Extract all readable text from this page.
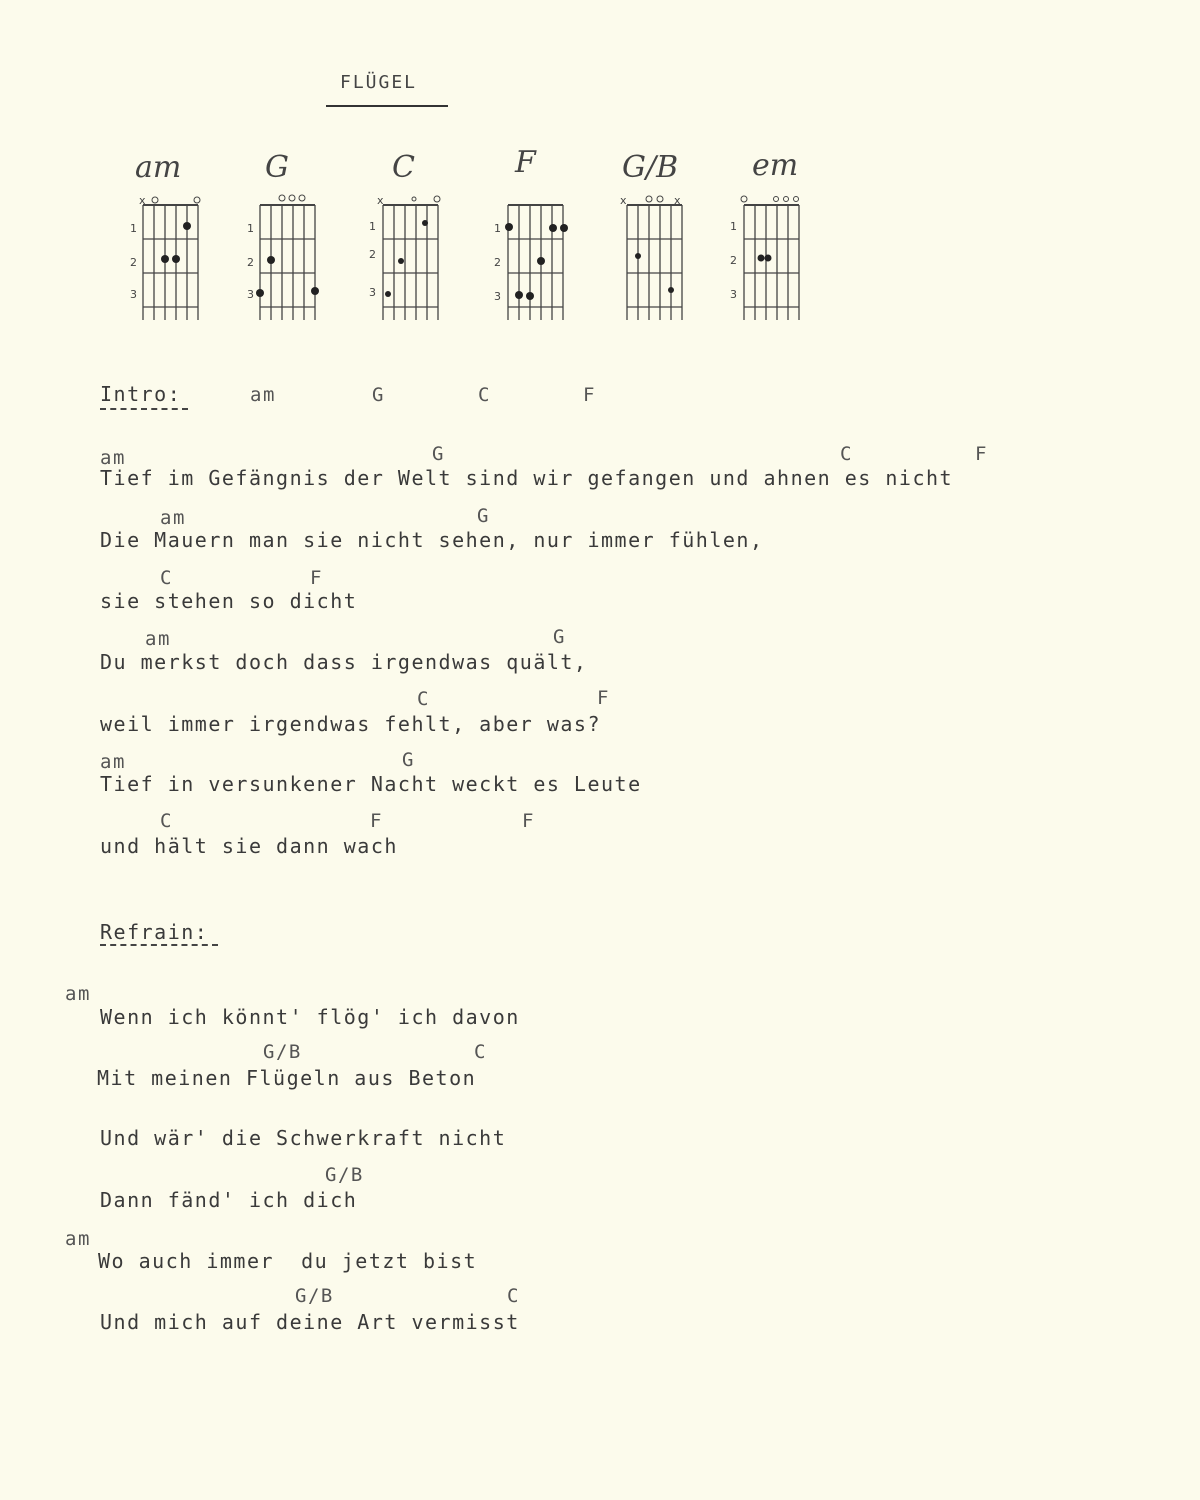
FLÜGEL
am	G	C	F	G/B em
x
1
2
3
1
2
3
x
1
2
3
1
2
3
x	x
1
2
3
Intro:	am	G	C	F
am	G	C	F
Tief im Gefängnis der Welt sind wir gefangen und ahnen es nicht
am	G
Die Mauern man sie nicht sehen, nur immer fühlen,
C	F
sie stehen so dicht
am	G
Du merkst doch dass irgendwas quält,
C	F
weil immer irgendwas fehlt, aber was?
am	G
Tief in versunkener Nacht weckt es Leute
C	F	F
und hält sie dann wach
Refrain:
am
Wenn ich könnt' flög' ich davon
G/B	C
Mit meinen Flügeln aus Beton
Und wär' die Schwerkraft nicht
G/B
Dann fänd' ich dich
am
Wo auch immer  du jetzt bist
G/B	C
Und mich auf deine Art vermisst
